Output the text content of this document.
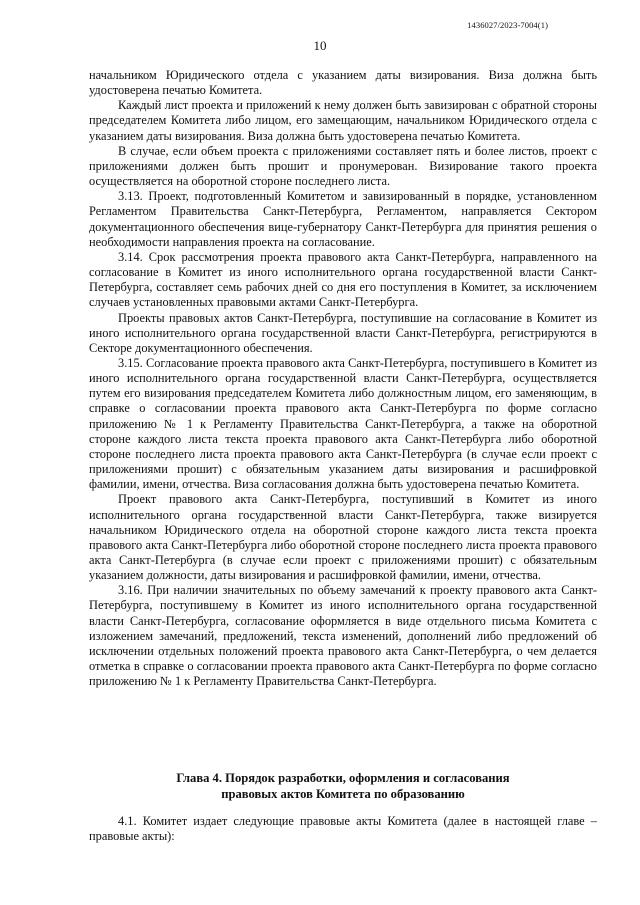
1436027/2023-7004(1)
10

начальником Юридического отдела с указанием даты визирования. Виза должна быть удостоверена печатью Комитета.

Каждый лист проекта и приложений к нему должен быть завизирован с обратной стороны председателем Комитета либо лицом, его замещающим, начальником Юридического отдела с указанием даты визирования. Виза должна быть удостоверена печатью Комитета.

В случае, если объем проекта с приложениями составляет пять и более листов, проект с приложениями должен быть прошит и пронумерован. Визирование такого проекта осуществляется на оборотной стороне последнего листа.

3.13. Проект, подготовленный Комитетом и завизированный в порядке, установленном Регламентом Правительства Санкт-Петербурга, Регламентом, направляется Сектором документационного обеспечения вице-губернатору Санкт-Петербурга для принятия решения о необходимости направления проекта на согласование.

3.14. Срок рассмотрения проекта правового акта Санкт-Петербурга, направленного на согласование в Комитет из иного исполнительного органа государственной власти Санкт-Петербурга, составляет семь рабочих дней со дня его поступления в Комитет, за исключением случаев установленных правовыми актами Санкт-Петербурга.

Проекты правовых актов Санкт-Петербурга, поступившие на согласование в Комитет из иного исполнительного органа государственной власти Санкт-Петербурга, регистрируются в Секторе документационного обеспечения.

3.15. Согласование проекта правового акта Санкт-Петербурга, поступившего в Комитет из иного исполнительного органа государственной власти Санкт-Петербурга, осуществляется путем его визирования председателем Комитета либо должностным лицом, его заменяющим, в справке о согласовании проекта правового акта Санкт-Петербурга по форме согласно приложению № 1 к Регламенту Правительства Санкт-Петербурга, а также на оборотной стороне каждого листа текста проекта правового акта Санкт-Петербурга либо оборотной стороне последнего листа проекта правового акта Санкт-Петербурга (в случае если проект с приложениями прошит) с обязательным указанием даты визирования и расшифровкой фамилии, имени, отчества. Виза согласования должна быть удостоверена печатью Комитета.

Проект правового акта Санкт-Петербурга, поступивший в Комитет из иного исполнительного органа государственной власти Санкт-Петербурга, также визируется начальником Юридического отдела на оборотной стороне каждого листа текста проекта правового акта Санкт-Петербурга либо оборотной стороне последнего листа проекта правового акта Санкт-Петербурга (в случае если проект с приложениями прошит) с обязательным указанием должности, даты визирования и расшифровкой фамилии, имени, отчества.

3.16. При наличии значительных по объему замечаний к проекту правового акта Санкт-Петербурга, поступившему в Комитет из иного исполнительного органа государственной власти Санкт-Петербурга, согласование оформляется в виде отдельного письма Комитета с изложением замечаний, предложений, текста изменений, дополнений либо предложений об исключении отдельных положений проекта правового акта Санкт-Петербурга, о чем делается отметка в справке о согласовании проекта правового акта Санкт-Петербурга по форме согласно приложению № 1 к Регламенту Правительства Санкт-Петербурга.

Глава 4. Порядок разработки, оформления и согласования
правовых актов Комитета по образованию

4.1. Комитет издает следующие правовые акты Комитета (далее в настоящей главе – правовые акты):
